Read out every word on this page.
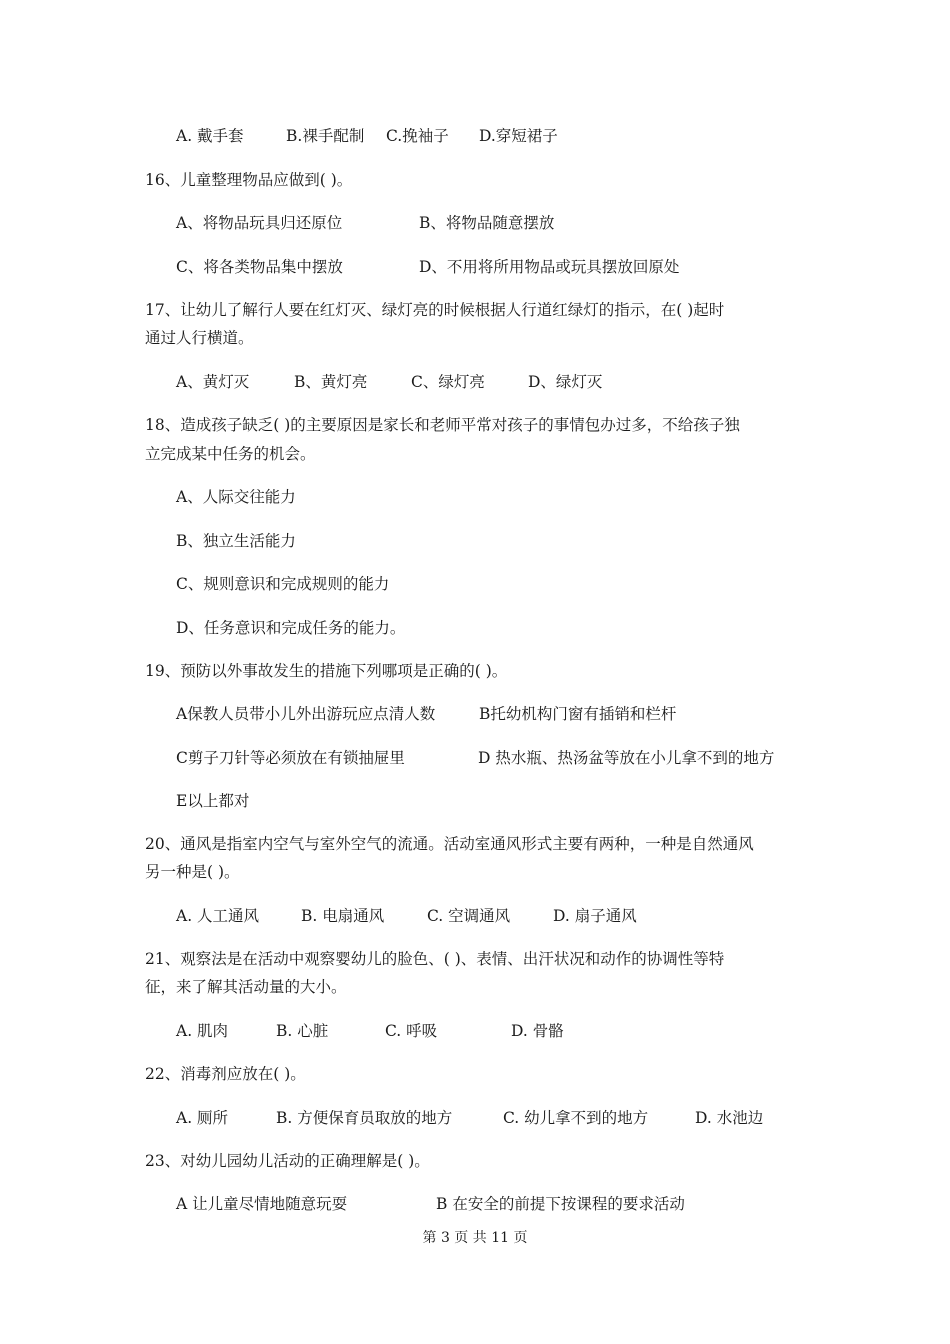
A. 戴手套	B.裸手配制 C.挽袖子 D.穿短裙子
16、儿童整理物品应做到( )。
A、将物品玩具归还原位	B、将物品随意摆放
C、将各类物品集中摆放	D、不用将所用物品或玩具摆放回原处
17、让幼儿了解行人要在红灯灭、绿灯亮的时候根据人行道红绿灯的指示，在( )起时
通过人行横道。
A、黄灯灭	B、黄灯亮	C、绿灯亮	D、绿灯灭
18、造成孩子缺乏( )的主要原因是家长和老师平常对孩子的事情包办过多，不给孩子独
立完成某中任务的机会。
A、人际交往能力
B、独立生活能力
C、规则意识和完成规则的能力
D、任务意识和完成任务的能力。
19、预防以外事故发生的措施下列哪项是正确的( )。
A保教人员带小儿外出游玩应点清人数	B托幼机构门窗有插销和栏杆
C剪子刀针等必须放在有锁抽屉里	D 热水瓶、热汤盆等放在小儿拿不到的地方
E以上都对
20、通风是指室内空气与室外空气的流通。活动室通风形式主要有两种，一种是自然通风
另一种是( )。
A. 人工通风	B. 电扇通风	C. 空调通风	D. 扇子通风
21、观察法是在活动中观察婴幼儿的脸色、( )、表情、出汗状况和动作的协调性等特
征，来了解其活动量的大小。
A. 肌肉	B. 心脏	C. 呼吸	D. 骨骼
22、消毒剂应放在( )。
A. 厕所	B. 方便保育员取放的地方	C. 幼儿拿不到的地方	D. 水池边
23、对幼儿园幼儿活动的正确理解是( )。
A 让儿童尽情地随意玩耍	B 在安全的前提下按课程的要求活动
第 3 页 共 11 页
